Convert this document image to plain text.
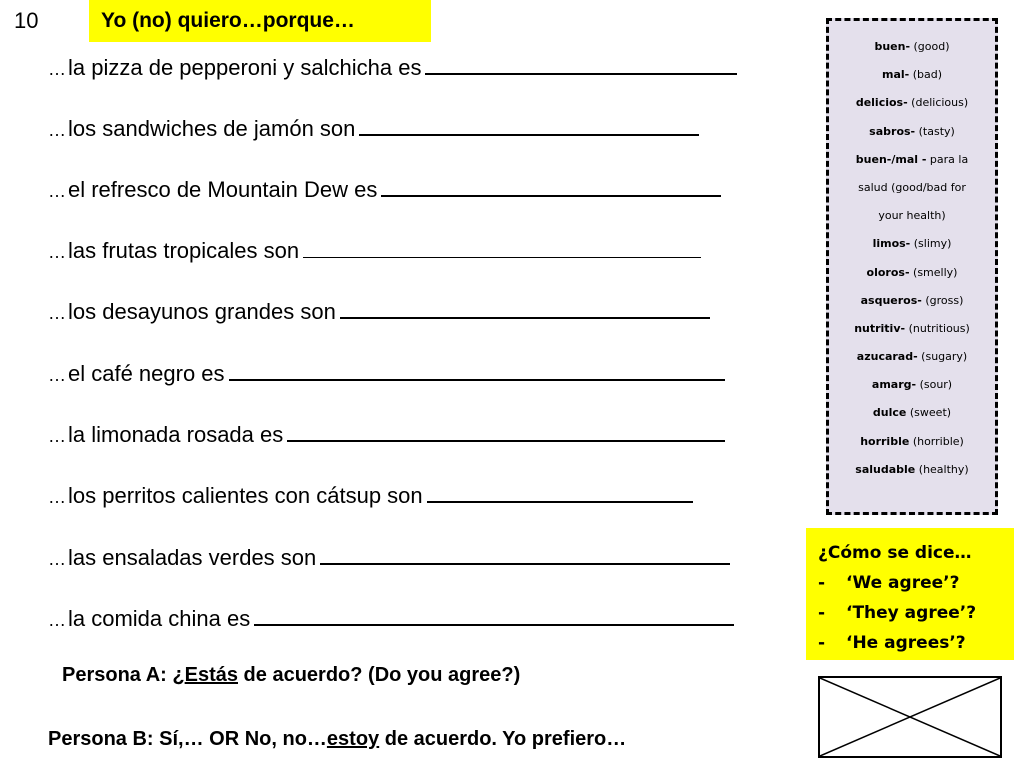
10	Yo (no) quiero…porque…
…la pizza de pepperoni y salchicha es
…los sandwiches de jamón son
…el refresco de Mountain Dew es
…las frutas tropicales son
…los desayunos grandes son
…el café negro es
…la limonada rosada es
…los perritos calientes con cátsup son
…las ensaladas verdes son
…la comida china es
buen- (good)
mal- (bad)
delicios- (delicious)
sabros- (tasty)
buen-/mal - para la
salud (good/bad for
your health)
limos- (slimy)
oloros- (smelly)
asqueros- (gross)
nutritiv- (nutritious)
azucarad- (sugary)
amarg- (sour)
dulce (sweet)
horrible (horrible)
saludable (healthy)
¿Cómo se dice…
- ‘We agree’?
- ‘They agree’?
- ‘He agrees’?
Persona A: ¿Estás de acuerdo? (Do you agree?)
Persona B: Sí,… OR No, no…estoy de acuerdo. Yo prefiero…
